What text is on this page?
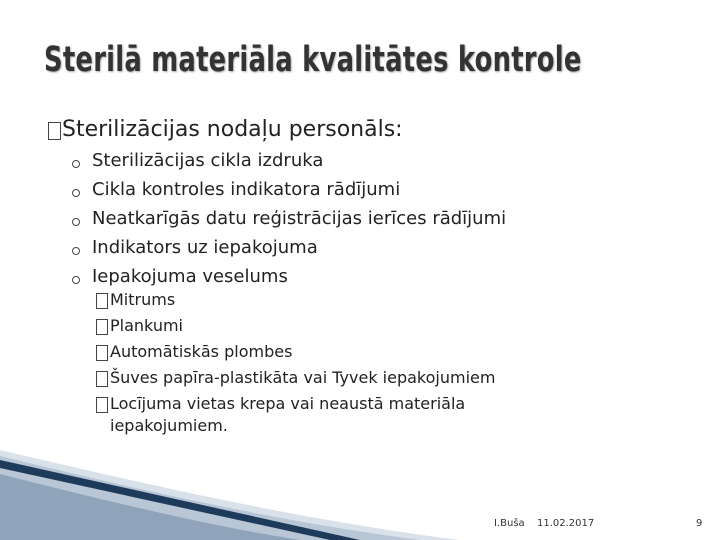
Sterilā materiāla kvalitātes kontrole
Sterilizācijas nodaļu personāls:
Sterilizācijas cikla izdruka
Cikla kontroles indikatora rādījumi
Neatkarīgās datu reģistrācijas ierīces rādījumi
Indikators uz iepakojuma
Iepakojuma veselums
Mitrums
Plankumi
Automātiskās plombes
Šuves papīra-plastikāta vai Tyvek iepakojumiem
Locījuma vietas krepa vai neaustā materiāla
iepakojumiem.
I.Buša 11.02.2017	9
